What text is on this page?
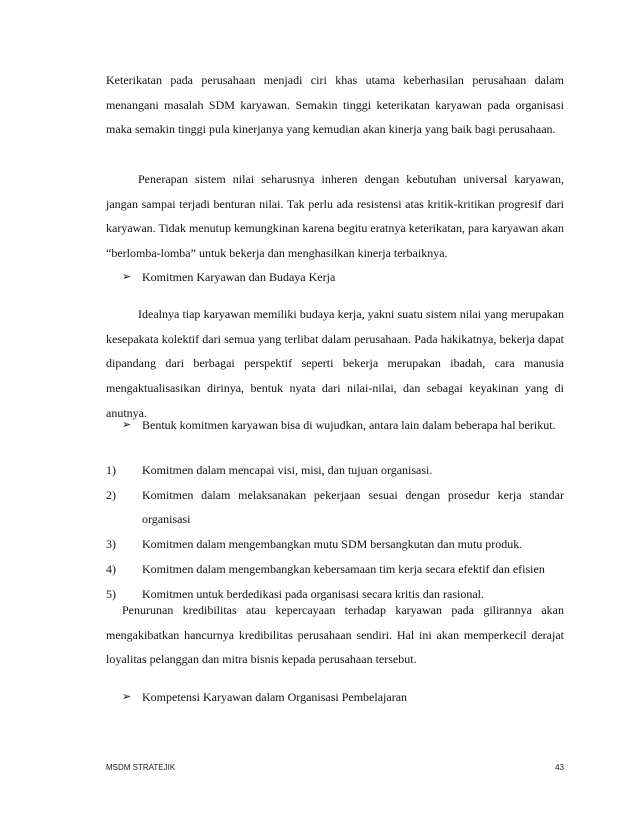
Keterikatan pada perusahaan menjadi ciri khas utama keberhasilan perusahaan dalam menangani masalah SDM karyawan. Semakin tinggi keterikatan karyawan pada organisasi maka semakin tinggi pula kinerjanya yang kemudian akan kinerja yang baik bagi perusahaan.

Penerapan sistem nilai seharusnya inheren dengan kebutuhan universal karyawan, jangan sampai terjadi benturan nilai. Tak perlu ada resistensi atas kritik-kritikan progresif dari karyawan. Tidak menutup kemungkinan karena begitu eratnya keterikatan, para karyawan akan “berlomba-lomba” untuk bekerja dan menghasilkan kinerja terbaiknya.

➢ Komitmen Karyawan dan Budaya Kerja

Idealnya tiap karyawan memiliki budaya kerja, yakni suatu sistem nilai yang merupakan kesepakata kolektif dari semua yang terlibat dalam perusahaan. Pada hakikatnya, bekerja dapat dipandang dari berbagai perspektif seperti bekerja merupakan ibadah, cara manusia mengaktualisasikan dirinya, bentuk nyata dari nilai-nilai, dan sebagai keyakinan yang di anutnya.

➢ Bentuk komitmen karyawan bisa di wujudkan, antara lain dalam beberapa hal berikut.
1)	Komitmen dalam mencapai visi, misi, dan tujuan organisasi.
2)	Komitmen dalam melaksanakan pekerjaan sesuai dengan prosedur kerja standar organisasi
3)	Komitmen dalam mengembangkan mutu SDM bersangkutan dan mutu produk.
4)	Komitmen dalam mengembangkan kebersamaan tim kerja secara efektif dan efisien
5)	Komitmen untuk berdedikasi pada organisasi secara kritis dan rasional.

Penurunan kredibilitas atau kepercayaan terhadap karyawan pada gilirannya akan mengakibatkan hancurnya kredibilitas perusahaan sendiri. Hal ini akan memperkecil derajat loyalitas pelanggan dan mitra bisnis kepada perusahaan tersebut.

➢ Kompetensi Karyawan dalam Organisasi Pembelajaran
MSDM STRATEJIK	43
